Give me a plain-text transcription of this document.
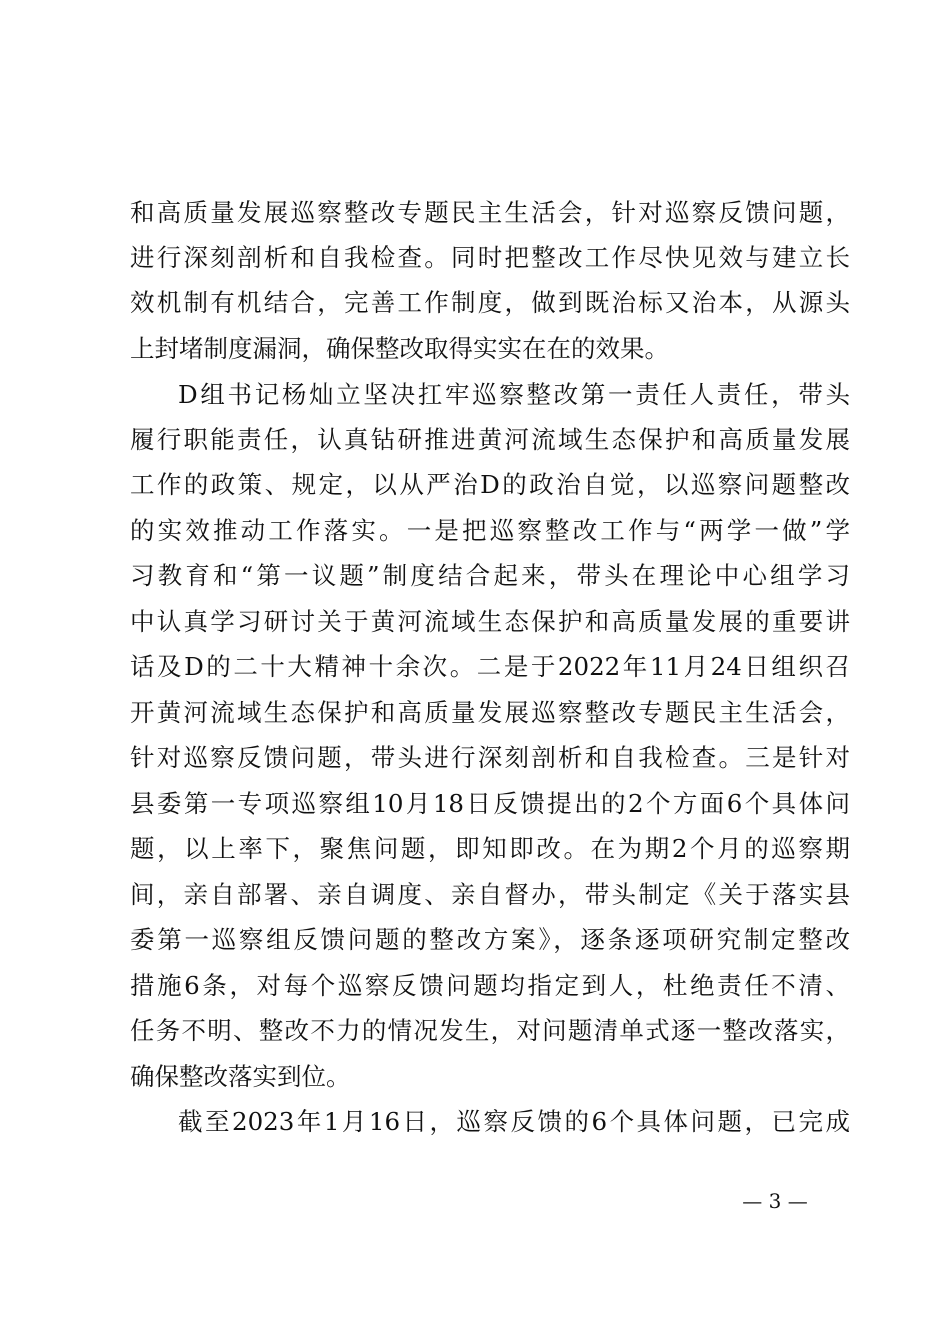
和高质量发展巡察整改专题民主生活会，针对巡察反馈问题，
进行深刻剖析和自我检查。同时把整改工作尽快见效与建立长
效机制有机结合，完善工作制度，做到既治标又治本，从源头
上封堵制度漏洞，确保整改取得实实在在的效果。
D组书记杨灿立坚决扛牢巡察整改第一责任人责任，带头
履行职能责任，认真钻研推进黄河流域生态保护和高质量发展
工作的政策、规定，以从严治D的政治自觉，以巡察问题整改
的实效推动工作落实。一是把巡察整改工作与“两学一做”学
习教育和“第一议题”制度结合起来，带头在理论中心组学习
中认真学习研讨关于黄河流域生态保护和高质量发展的重要讲
话及D的二十大精神十余次。二是于2022年11月24日组织召
开黄河流域生态保护和高质量发展巡察整改专题民主生活会，
针对巡察反馈问题，带头进行深刻剖析和自我检查。三是针对
县委第一专项巡察组10月18日反馈提出的2个方面6个具体问
题，以上率下，聚焦问题，即知即改。在为期2个月的巡察期
间，亲自部署、亲自调度、亲自督办，带头制定《关于落实县
委第一巡察组反馈问题的整改方案》，逐条逐项研究制定整改
措施6条，对每个巡察反馈问题均指定到人，杜绝责任不清、
任务不明、整改不力的情况发生，对问题清单式逐一整改落实，
确保整改落实到位。
截至2023年1月16日，巡察反馈的6个具体问题，已完成
— 3 —
